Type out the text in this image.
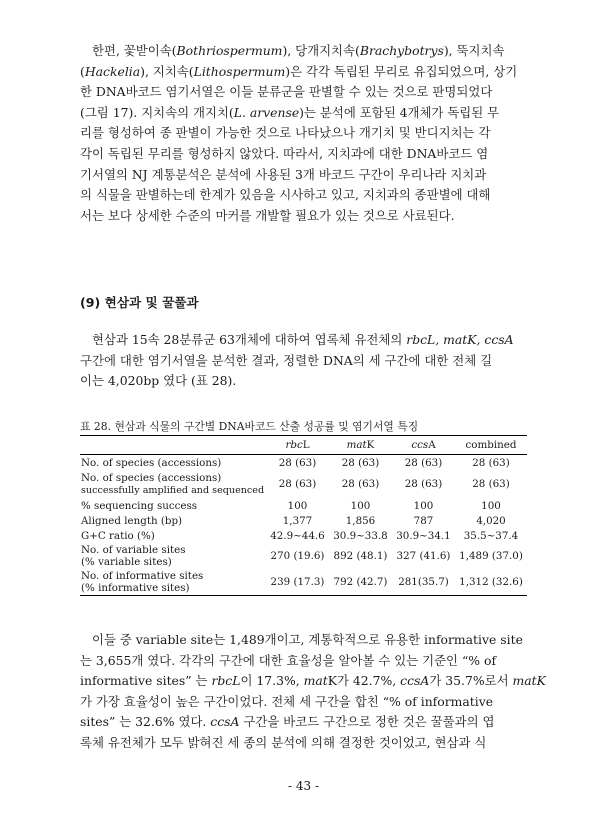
한편, 꽃받이속(Bothriospermum), 당개지치속(Brachybotrys), 뚝지치속
(Hackelia), 지치속(Lithospermum)은 각각 독립된 무리로 유집되었으며, 상기
한 DNA바코드 염기서열은 이들 분류군을 판별할 수 있는 것으로 판명되었다
(그림 17). 지치속의 개지치(L. arvense)는 분석에 포함된 4개체가 독립된 무
리를 형성하여 종 판별이 가능한 것으로 나타났으나 개기치 및 반디지치는 각
각이 독립된 무리를 형성하지 않았다. 따라서, 지치과에 대한 DNA바코드 염
기서열의 NJ 계통분석은 분석에 사용된 3개 바코드 구간이 우리나라 지치과
의 식물을 판별하는데 한계가 있음을 시사하고 있고, 지치과의 종판별에 대해
서는 보다 상세한 수준의 마커를 개발할 필요가 있는 것으로 사료된다.

(9) 현삼과 및 꿀풀과

현삼과 15속 28분류군 63개체에 대하여 엽록체 유전체의 rbcL, matK, ccsA
구간에 대한 염기서열을 분석한 결과, 정렬한 DNA의 세 구간에 대한 전체 길
이는 4,020bp 였다 (표 28).

표 28. 현삼과 식물의 구간별 DNA바코드 산출 성공률 및 염기서열 특징

	rbcL	matK	ccsA	combined
No. of species (accessions)	28 (63)	28 (63)	28 (63)	28 (63)
No. of species (accessions)
successfully amplified and sequenced	28 (63)	28 (63)	28 (63)	28 (63)
% sequencing success	100	100	100	100
Aligned length (bp)	1,377	1,856	787	4,020
G+C ratio (%)	42.9~44.6	30.9~33.8	30.9~34.1	35.5~37.4
No. of variable sites
(% variable sites)	270 (19.6)	892 (48.1)	327 (41.6)	1,489 (37.0)
No. of informative sites
(% informative sites)	239 (17.3)	792 (42.7)	281(35.7)	1,312 (32.6)
이들 중 variable site는 1,489개이고, 계통학적으로 유용한 informative site
는 3,655개 였다. 각각의 구간에 대한 효율성을 알아볼 수 있는 기준인 “% of
informative sites” 는 rbcL이 17.3%, matK가 42.7%, ccsA가 35.7%로서 matK
가 가장 효율성이 높은 구간이었다. 전체 세 구간을 합친 “% of informative
sites” 는 32.6% 였다. ccsA 구간을 바코드 구간으로 정한 것은 꿀풀과의 엽
록체 유전체가 모두 밝혀진 세 종의 분석에 의해 결정한 것이었고, 현삼과 식

- 43 -
